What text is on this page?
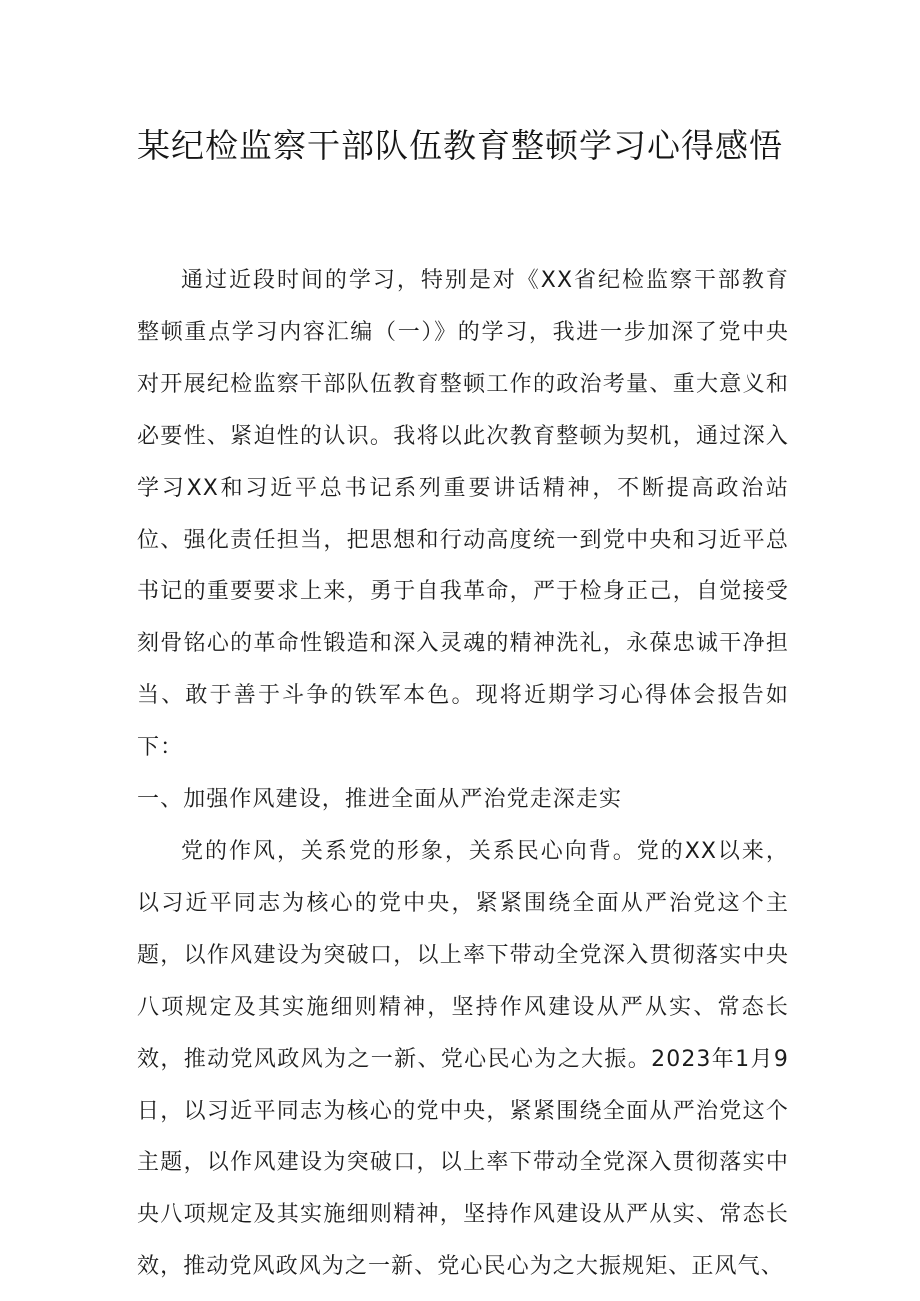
某纪检监察干部队伍教育整顿学习心得感悟

通过近段时间的学习，特别是对《XX省纪检监察干部教育整顿重点学习内容汇编（一）》的学习，我进一步加深了党中央对开展纪检监察干部队伍教育整顿工作的政治考量、重大意义和必要性、紧迫性的认识。我将以此次教育整顿为契机，通过深入学习XX和习近平总书记系列重要讲话精神，不断提高政治站位、强化责任担当，把思想和行动高度统一到党中央和习近平总书记的重要要求上来，勇于自我革命，严于检身正己，自觉接受刻骨铭心的革命性锻造和深入灵魂的精神洗礼，永葆忠诚干净担当、敢于善于斗争的铁军本色。现将近期学习心得体会报告如下：

一、加强作风建设，推进全面从严治党走深走实

党的作风，关系党的形象，关系民心向背。党的XX以来，以习近平同志为核心的党中央，紧紧围绕全面从严治党这个主题，以作风建设为突破口，以上率下带动全党深入贯彻落实中央八项规定及其实施细则精神，坚持作风建设从严从实、常态长效，推动党风政风为之一新、党心民心为之大振。2023年1月9日，以习近平同志为核心的党中央，紧紧围绕全面从严治党这个主题，以作风建设为突破口，以上率下带动全党深入贯彻落实中央八项规定及其实施细则精神，坚持作风建设从严从实、常态长效，推动党风政风为之一新、党心民心为之大振规矩、正风气、
